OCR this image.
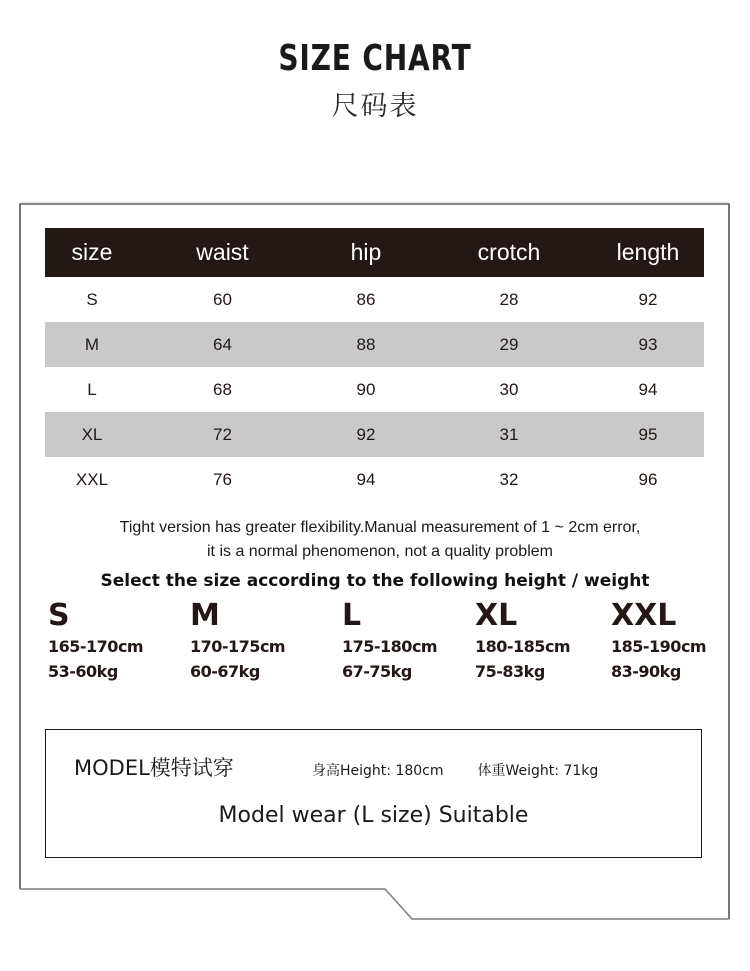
SIZE CHART
尺码表
size	waist	hip	crotch	length
S	60	86	28	92
M	64	88	29	93
L	68	90	30	94
XL	72	92	31	95
XXL	76	94	32	96
Tight version has greater flexibility.Manual measurement of 1 ~ 2cm error,
it is a normal phenomenon, not a quality problem
Select the size according to the following height / weight
S
165-170cm
53-60kg
M
170-175cm
60-67kg
L
175-180cm
67-75kg
XL
180-185cm
75-83kg
XXL
185-190cm
83-90kg
MODEL模特试穿	身高Height: 180cm 体重Weight: 71kg
Model wear (L size) Suitable
